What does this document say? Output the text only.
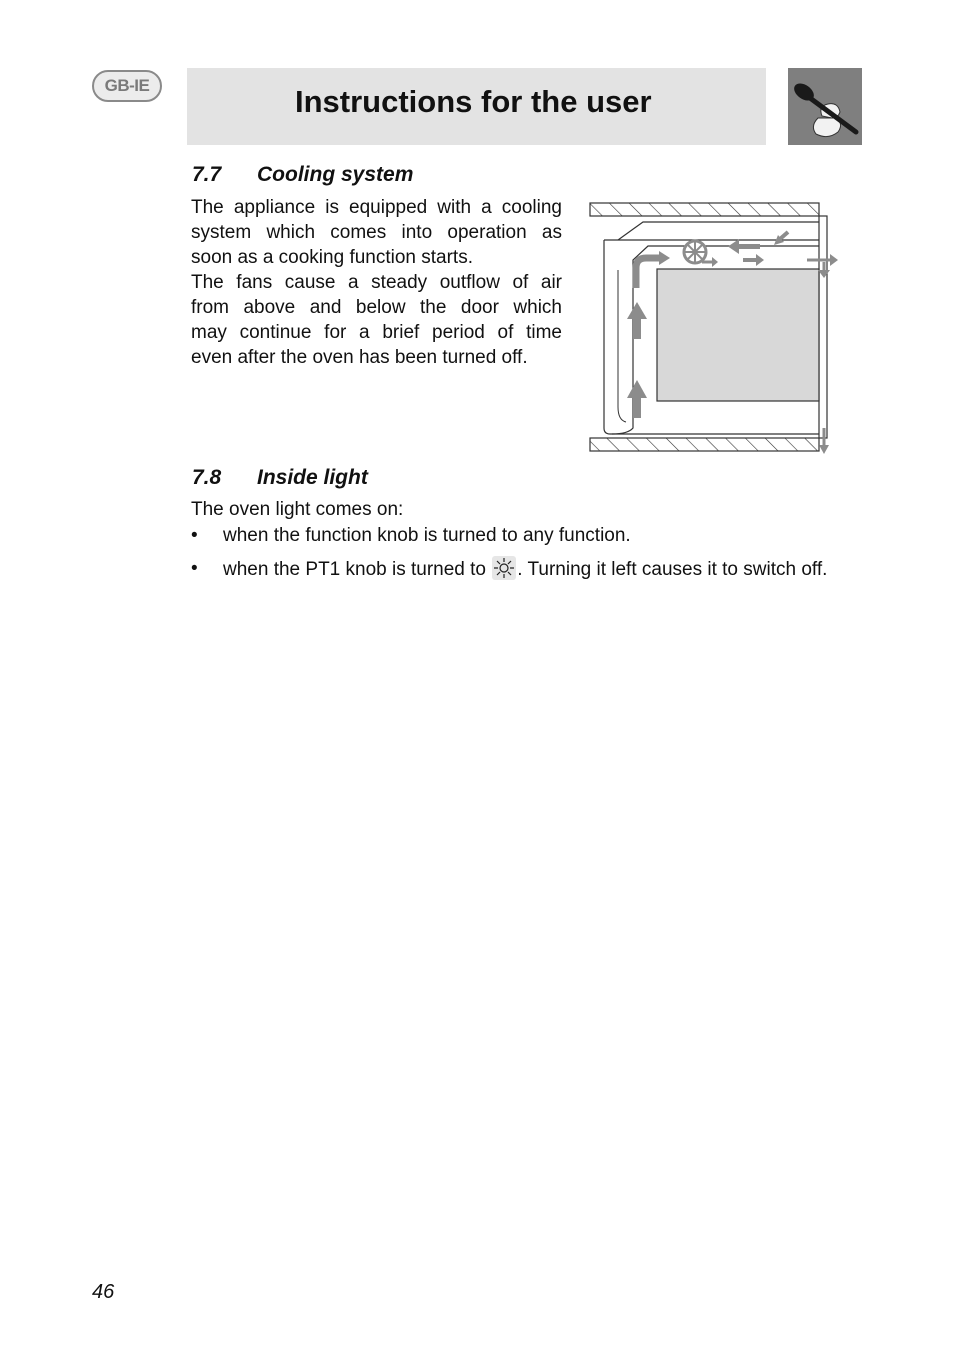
GB-IE	Instructions for the user
7.7 Cooling system

The appliance is equipped with a cooling
system which comes into operation as
soon as a cooking function starts.

The fans cause a steady outflow of air
from above and below the door which
may continue for a brief period of time
even after the oven has been turned off.

7.8 Inside light
The oven light comes on:
• when the function knob is turned to any function.
• when the PT1 knob is turned to . Turning it left causes it to switch off.
46
